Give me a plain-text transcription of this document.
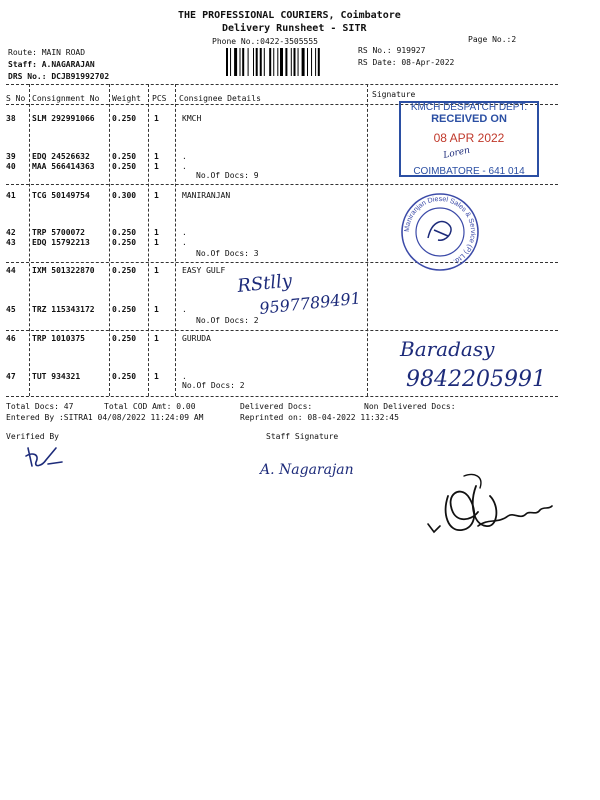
THE PROFESSIONAL COURIERS, Coimbatore
Delivery Runsheet - SITR
Phone No.:0422-3505555	Page No.:2
Route: MAIN ROAD
Staff: A.NAGARAJAN
DRS No.: DCJB91992702
RS No.: 919927
RS Date: 08-Apr-2022
S No Consignment No Weight PCS Consignee Details	Signature
38 SLM 292991066 0.250 1	KMCH
39 EDQ 24526632	0.250 1	.
40 MAA 566414363 0.250 1	.
41 TCG 50149754	0.300 1	MANIRANJAN
42 TRP 5700072	0.250 1	.
43 EDQ 15792213	0.250 1	.
44 IXM 501322870 0.250 1	EASY GULF
45 TRZ 115343172 0.250 1	.
46 TRP 1010375	0.250 1	GURUDA
47 TUT 934321	0.250 1	.
No.Of Docs: 9
No.Of Docs: 3
No.Of Docs: 2
No.Of Docs: 2
KMCH DESPATCH DEPT.
RECEIVED ON
08 APR 2022
Loren
COIMBATORE - 641 014
Maniranjan Diesel Sales & Service (P) Ltd.
RStlly
9597789491
Baradasy
9842205991
Total Docs: 47	Total COD Amt: 0.00	Delivered Docs:	Non Delivered Docs:
Entered By :SITRA1 04/08/2022 11:24:09 AM	Reprinted on: 08-04-2022 11:32:45
Verified By	Staff Signature
A. Nagarajan
